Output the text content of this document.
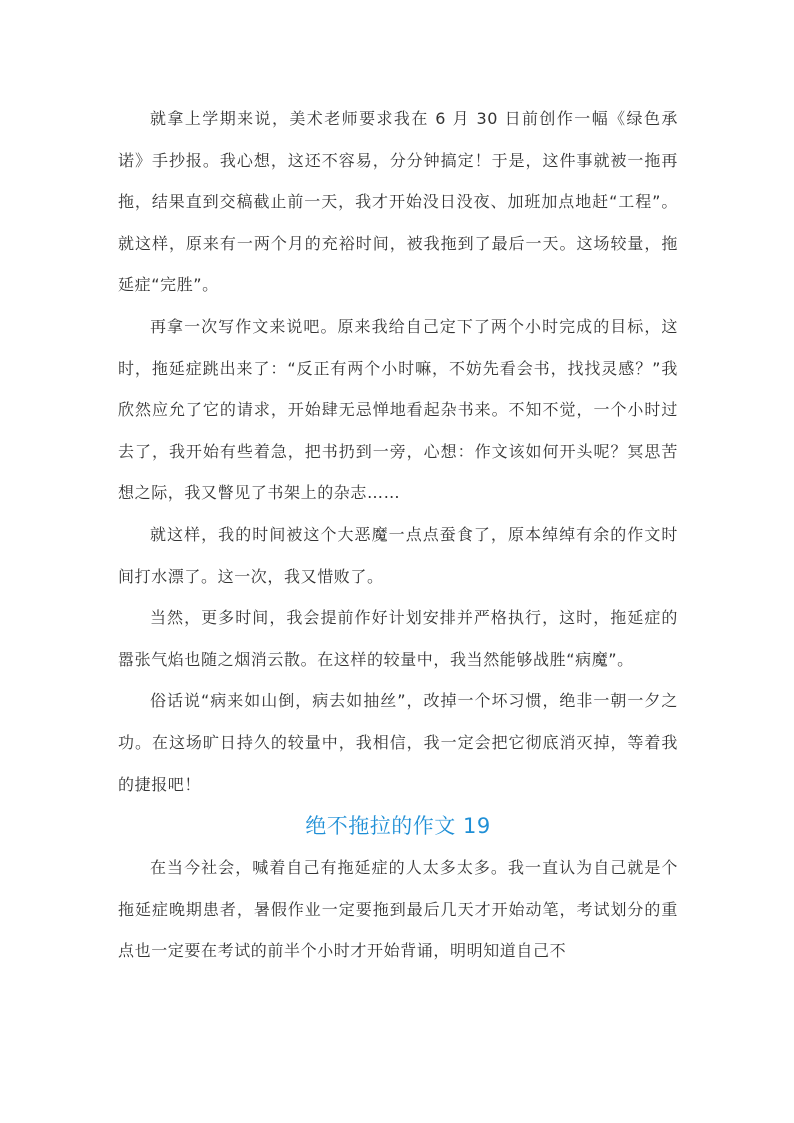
就拿上学期来说，美术老师要求我在 6 月 30 日前创作一幅《绿色承诺》手抄报。我心想，这还不容易，分分钟搞定！于是，这件事就被一拖再拖，结果直到交稿截止前一天，我才开始没日没夜、加班加点地赶“工程”。就这样，原来有一两个月的充裕时间，被我拖到了最后一天。这场较量，拖延症“完胜”。

再拿一次写作文来说吧。原来我给自己定下了两个小时完成的目标，这时，拖延症跳出来了：“反正有两个小时嘛，不妨先看会书，找找灵感？”我欣然应允了它的请求，开始肆无忌惮地看起杂书来。不知不觉，一个小时过去了，我开始有些着急，把书扔到一旁，心想：作文该如何开头呢？冥思苦想之际，我又瞥见了书架上的杂志……

就这样，我的时间被这个大恶魔一点点蚕食了，原本绰绰有余的作文时间打水漂了。这一次，我又惜败了。

当然，更多时间，我会提前作好计划安排并严格执行，这时，拖延症的嚣张气焰也随之烟消云散。在这样的较量中，我当然能够战胜“病魔”。

俗话说“病来如山倒，病去如抽丝”，改掉一个坏习惯，绝非一朝一夕之功。在这场旷日持久的较量中，我相信，我一定会把它彻底消灭掉，等着我的捷报吧！

绝不拖拉的作文 19

在当今社会，喊着自己有拖延症的人太多太多。我一直认为自己就是个拖延症晚期患者，暑假作业一定要拖到最后几天才开始动笔，考试划分的重点也一定要在考试的前半个小时才开始背诵，明明知道自己不
